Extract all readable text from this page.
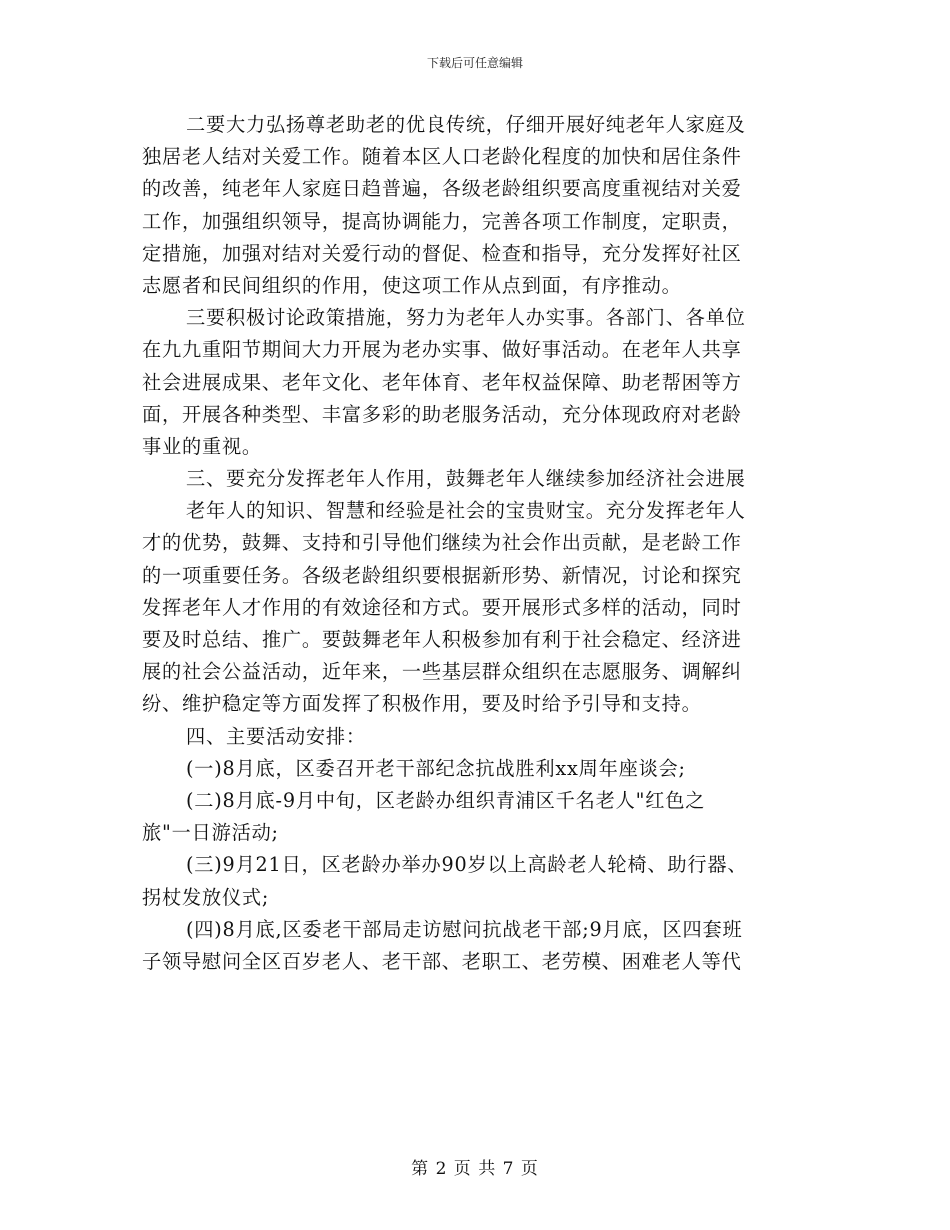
下载后可任意编辑
二要大力弘扬尊老助老的优良传统，仔细开展好纯老年人家庭及
独居老人结对关爱工作。随着本区人口老龄化程度的加快和居住条件
的改善，纯老年人家庭日趋普遍，各级老龄组织要高度重视结对关爱
工作，加强组织领导，提高协调能力，完善各项工作制度，定职责，
定措施，加强对结对关爱行动的督促、检查和指导，充分发挥好社区
志愿者和民间组织的作用，使这项工作从点到面，有序推动。
三要积极讨论政策措施，努力为老年人办实事。各部门、各单位
在九九重阳节期间大力开展为老办实事、做好事活动。在老年人共享
社会进展成果、老年文化、老年体育、老年权益保障、助老帮困等方
面，开展各种类型、丰富多彩的助老服务活动，充分体现政府对老龄
事业的重视。
三、要充分发挥老年人作用，鼓舞老年人继续参加经济社会进展
老年人的知识、智慧和经验是社会的宝贵财宝。充分发挥老年人
才的优势，鼓舞、支持和引导他们继续为社会作出贡献，是老龄工作
的一项重要任务。各级老龄组织要根据新形势、新情况，讨论和探究
发挥老年人才作用的有效途径和方式。要开展形式多样的活动，同时
要及时总结、推广。要鼓舞老年人积极参加有利于社会稳定、经济进
展的社会公益活动，近年来，一些基层群众组织在志愿服务、调解纠
纷、维护稳定等方面发挥了积极作用，要及时给予引导和支持。
四、主要活动安排：
(一)8月底，区委召开老干部纪念抗战胜利xx周年座谈会;
(二)8月底-9月中旬，区老龄办组织青浦区千名老人"红色之
旅"一日游活动;
(三)9月21日，区老龄办举办90岁以上高龄老人轮椅、助行器、
拐杖发放仪式;
(四)8月底,区委老干部局走访慰问抗战老干部;9月底，区四套班
子领导慰问全区百岁老人、老干部、老职工、老劳模、困难老人等代
第 2 页 共 7 页
